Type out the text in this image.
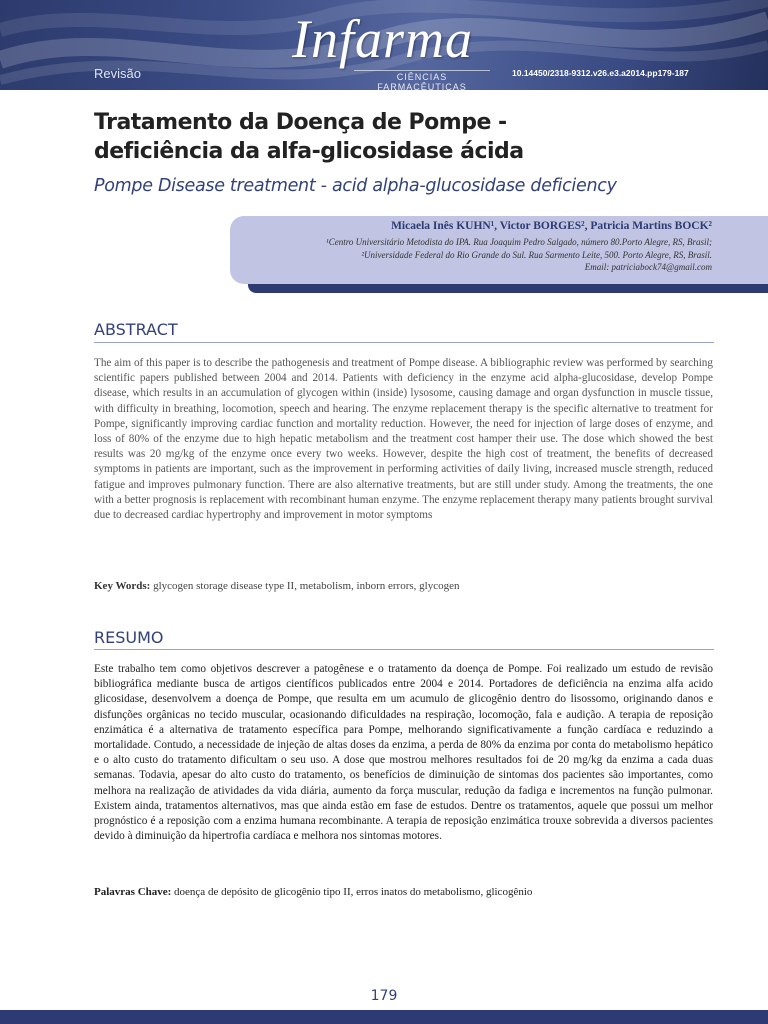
Revisão
Infarma
CIÊNCIAS FARMACÊUTICAS
10.14450/2318-9312.v26.e3.a2014.pp179-187
Tratamento da Doença de Pompe -
deficiência da alfa-glicosidase ácida
Pompe Disease treatment - acid alpha-glucosidase deficiency
Micaela Inês KUHN¹, Victor BORGES², Patricia Martins BOCK²
¹Centro Universitário Metodista do IPA. Rua Joaquim Pedro Salgado, número 80.Porto Alegre, RS, Brasil;
²Universidade Federal do Rio Grande do Sul. Rua Sarmento Leite, 500. Porto Alegre, RS, Brasil.
Email: patriciabock74@gmail.com
ABSTRACT
The aim of this paper is to describe the pathogenesis and treatment of Pompe disease. A bibliographic review was performed by searching scientific papers published between 2004 and 2014. Patients with deficiency in the enzyme acid alpha-glucosidase, develop Pompe disease, which results in an accumulation of glycogen within (inside) lysosome, causing damage and organ dysfunction in muscle tissue, with difficulty in breathing, locomotion, speech and hearing. The enzyme replacement therapy is the specific alternative to treatment for Pompe, significantly improving cardiac function and mortality reduction. However, the need for injection of large doses of enzyme, and loss of 80% of the enzyme due to high hepatic metabolism and the treatment cost hamper their use. The dose which showed the best results was 20 mg/kg of the enzyme once every two weeks. However, despite the high cost of treatment, the benefits of decreased symptoms in patients are important, such as the improvement in performing activities of daily living, increased muscle strength, reduced fatigue and improves pulmonary function. There are also alternative treatments, but are still under study. Among the treatments, the one with a better prognosis is replacement with recombinant human enzyme. The enzyme replacement therapy many patients brought survival due to decreased cardiac hypertrophy and improvement in motor symptoms
Key Words: glycogen storage disease type II, metabolism, inborn errors, glycogen
RESUMO
Este trabalho tem como objetivos descrever a patogênese e o tratamento da doença de Pompe. Foi realizado um estudo de revisão bibliográfica mediante busca de artigos científicos publicados entre 2004 e 2014. Portadores de deficiência na enzima alfa acido glicosidase, desenvolvem a doença de Pompe, que resulta em um acumulo de glicogênio dentro do lisossomo, originando danos e disfunções orgânicas no tecido muscular, ocasionando dificuldades na respiração, locomoção, fala e audição. A terapia de reposição enzimática é a alternativa de tratamento específica para Pompe, melhorando significativamente a função cardíaca e reduzindo a mortalidade. Contudo, a necessidade de injeção de altas doses da enzima, a perda de 80% da enzima por conta do metabolismo hepático e o alto custo do tratamento dificultam o seu uso. A dose que mostrou melhores resultados foi de 20 mg/kg da enzima a cada duas semanas. Todavia, apesar do alto custo do tratamento, os benefícios de diminuição de sintomas dos pacientes são importantes, como melhora na realização de atividades da vida diária, aumento da força muscular, redução da fadiga e incrementos na função pulmonar. Existem ainda, tratamentos alternativos, mas que ainda estão em fase de estudos. Dentre os tratamentos, aquele que possui um melhor prognóstico é a reposição com a enzima humana recombinante. A terapia de reposição enzimática trouxe sobrevida a diversos pacientes devido à diminuição da hipertrofia cardíaca e melhora nos sintomas motores.
Palavras Chave: doença de depósito de glicogênio tipo II, erros inatos do metabolismo, glicogênio
179
